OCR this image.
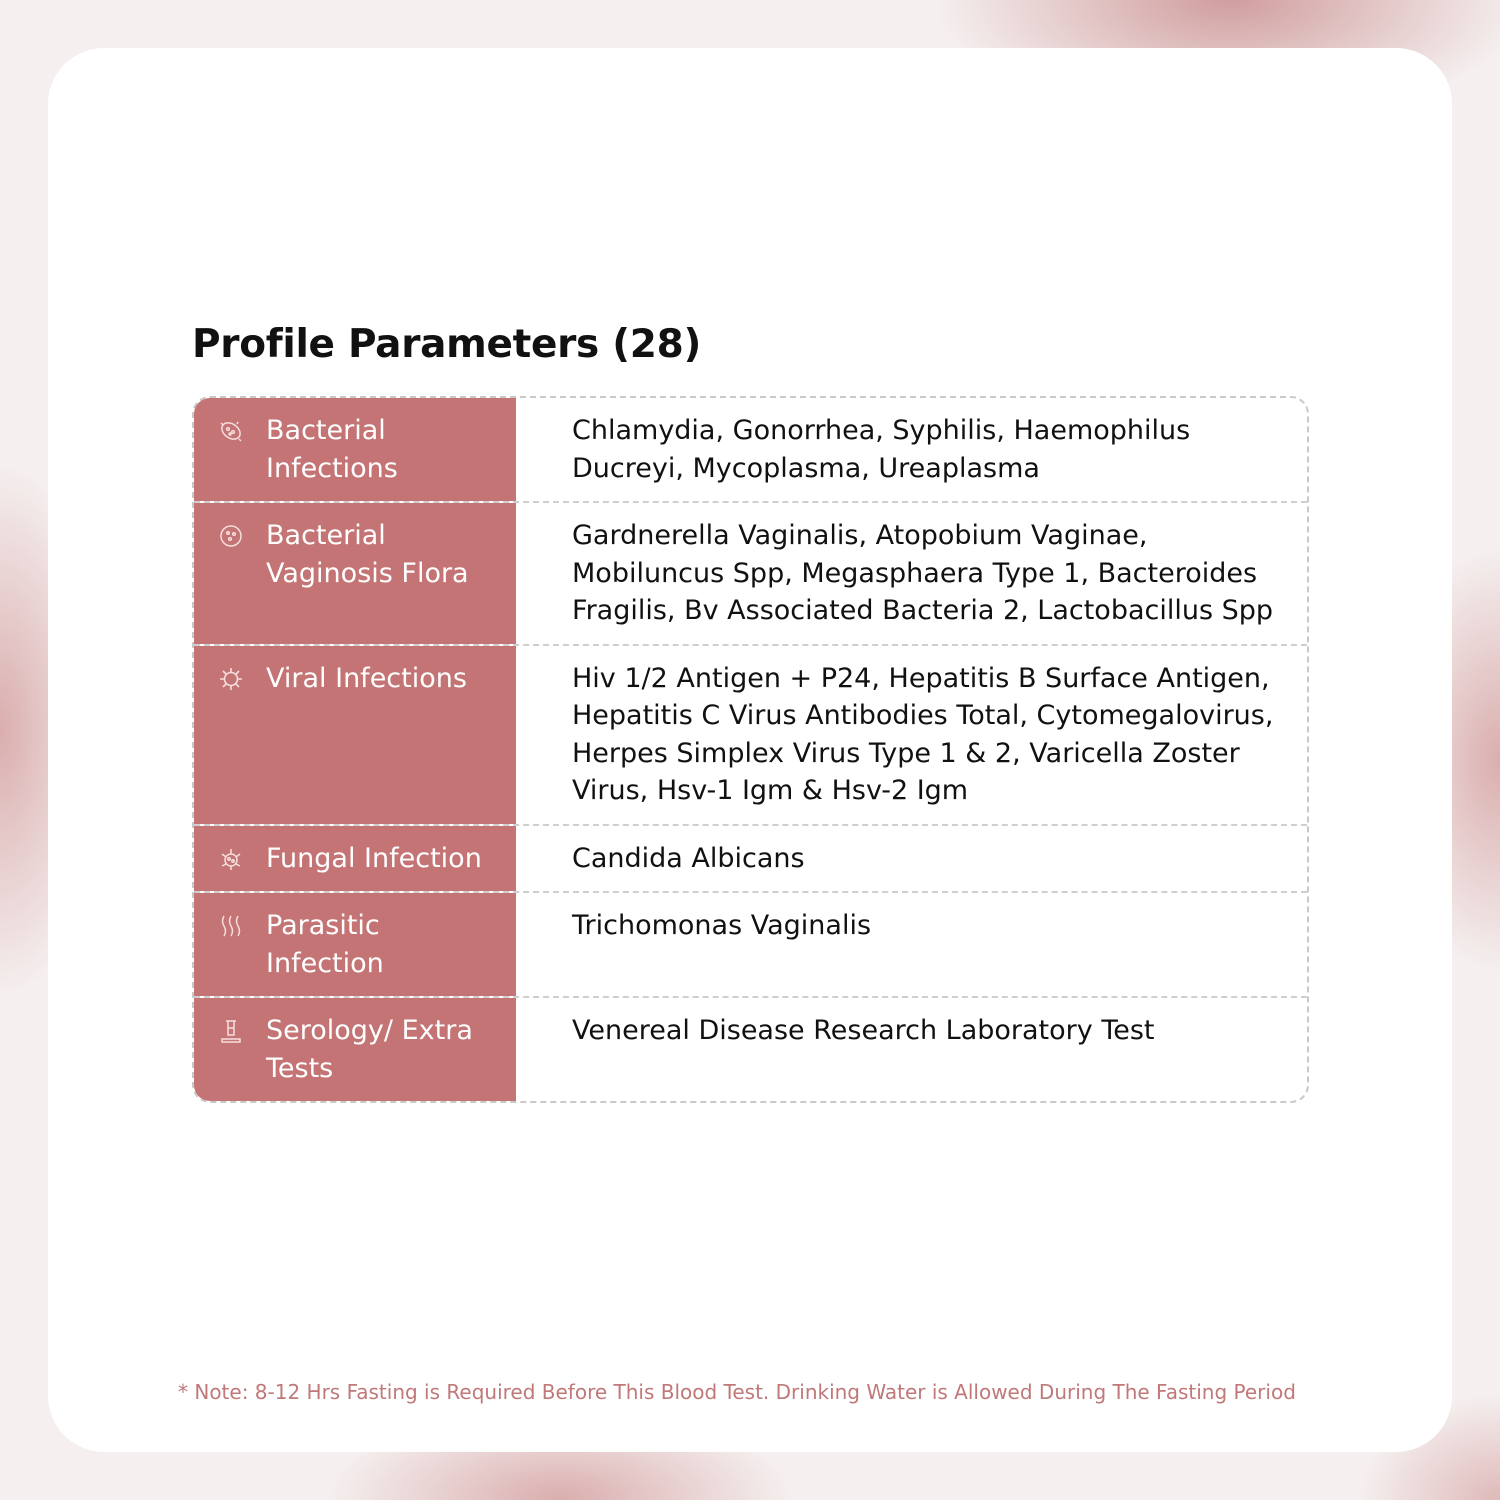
Profile Parameters (28)
Bacterial Infections
Chlamydia, Gonorrhea, Syphilis, Haemophilus Ducreyi, Mycoplasma, Ureaplasma
Bacterial Vaginosis Flora
Gardnerella Vaginalis, Atopobium Vaginae, Mobiluncus Spp, Megasphaera Type 1, Bacteroides Fragilis, Bv Associated Bacteria 2, Lactobacillus Spp
Viral Infections	Hiv 1/2 Antigen + P24, Hepatitis B Surface Antigen, Hepatitis C Virus Antibodies Total, Cytomegalovirus, Herpes Simplex Virus Type 1 & 2, Varicella Zoster Virus, Hsv-1 Igm & Hsv-2 Igm
Fungal Infection	Candida Albicans
Parasitic Infection
Trichomonas Vaginalis
Serology/ Extra Tests
Venereal Disease Research Laboratory Test
* Note: 8-12 Hrs Fasting is Required Before This Blood Test. Drinking Water is Allowed During The Fasting Period
